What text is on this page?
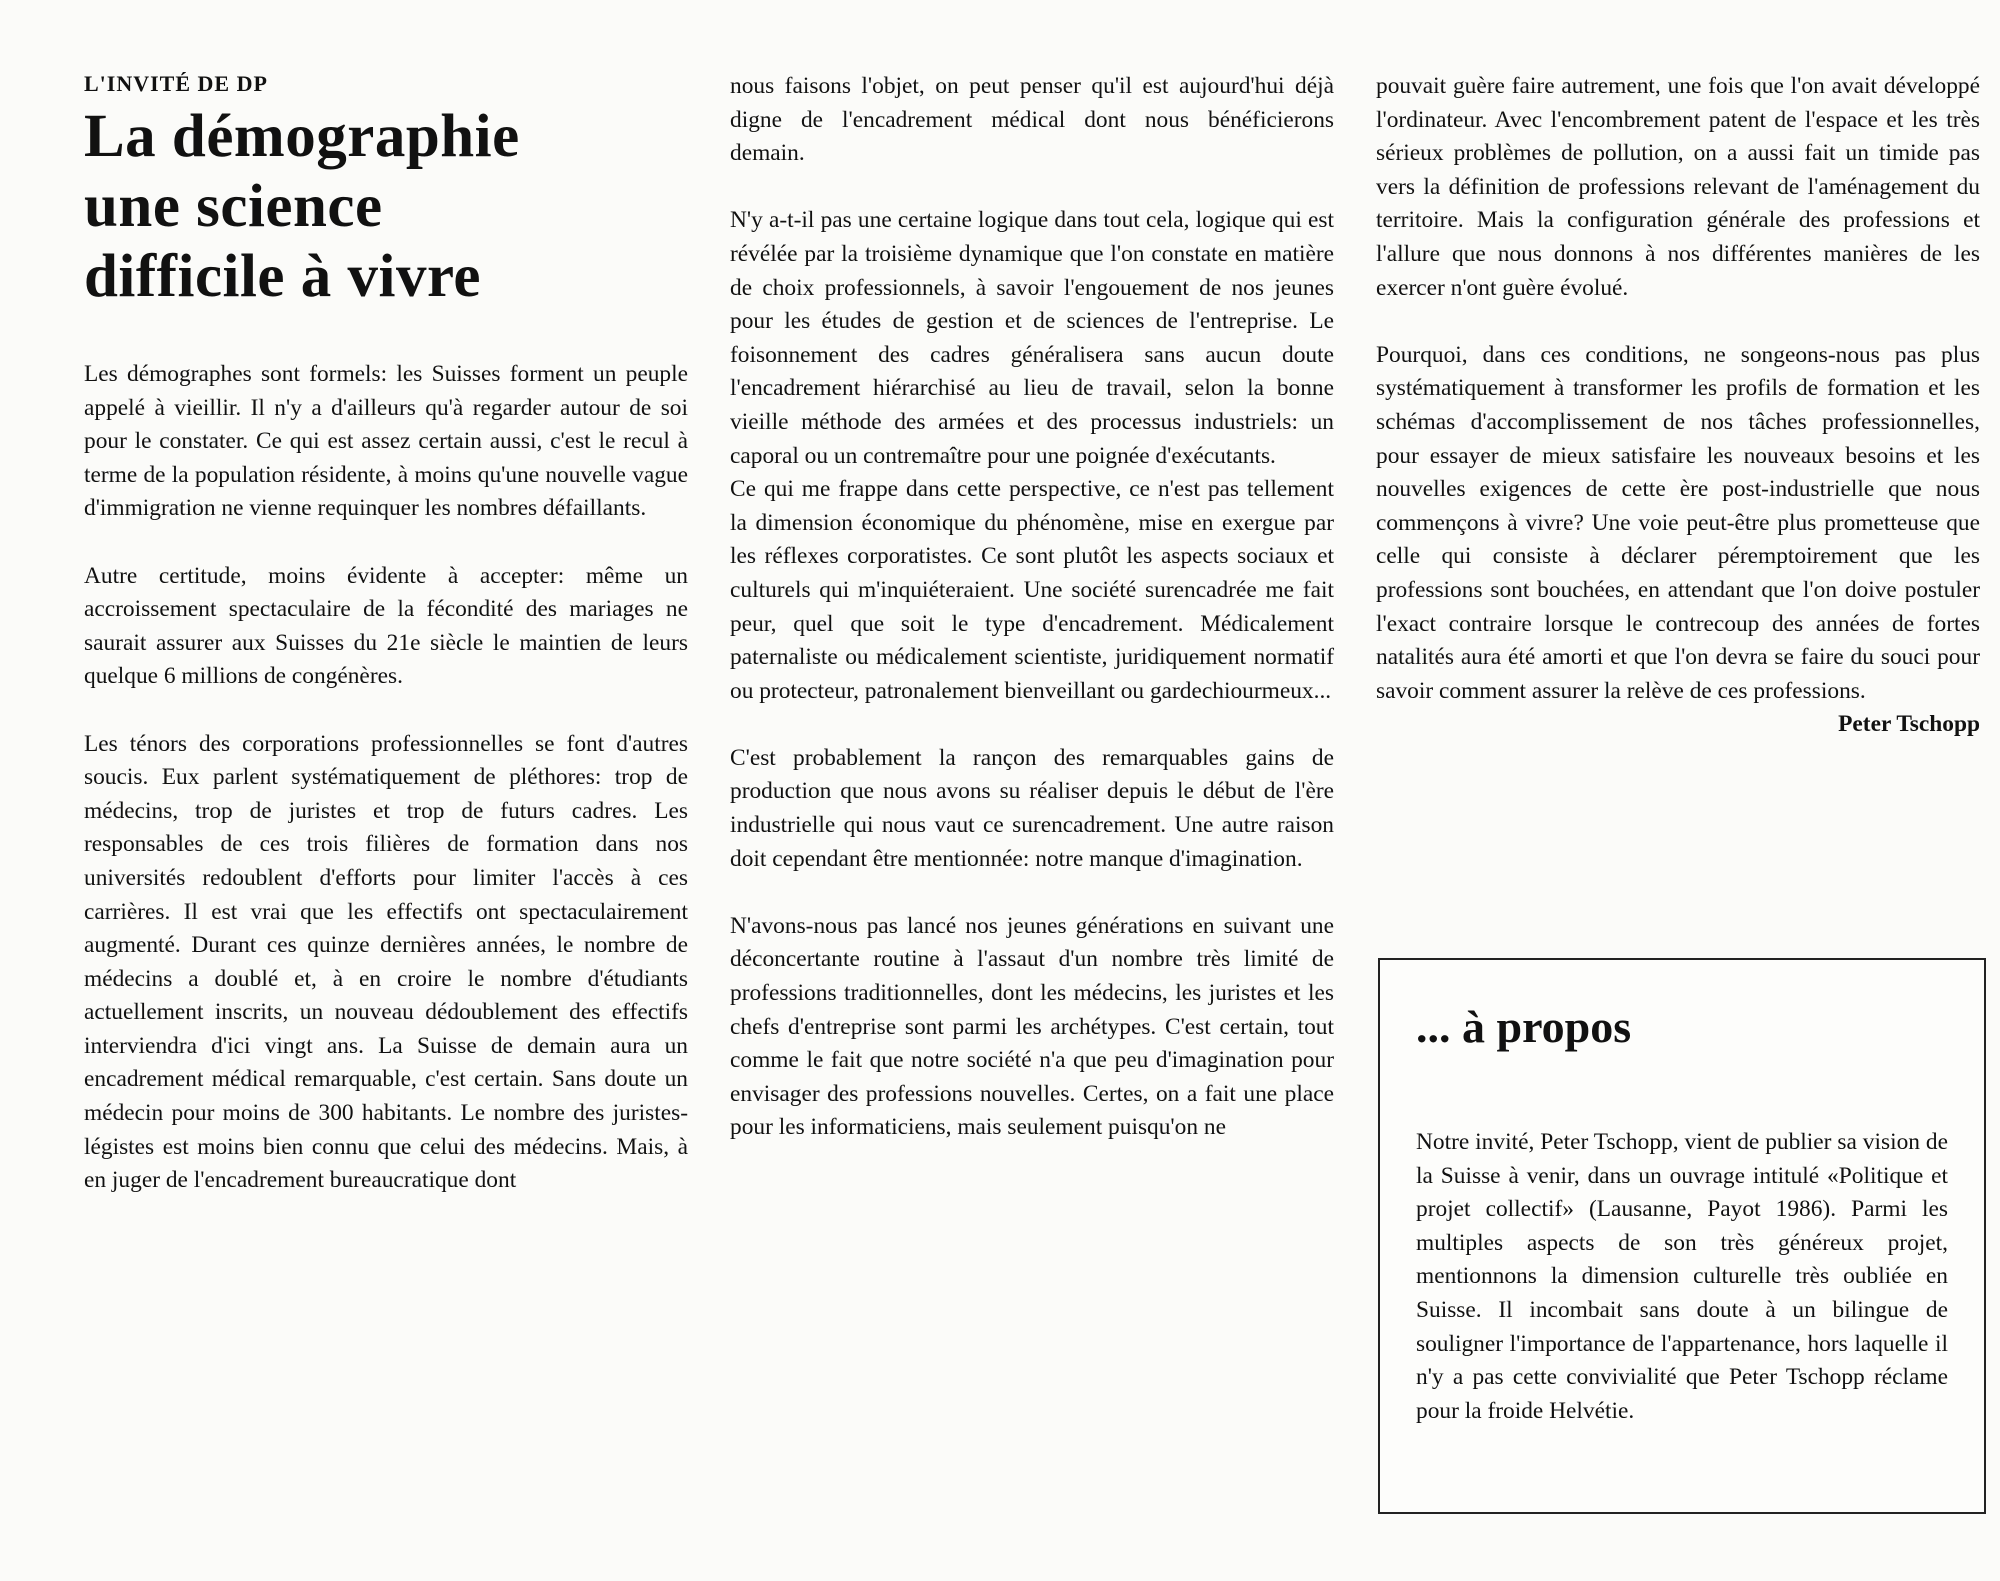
L'INVITÉ DE DP
La démographie
une science
difficile à vivre

Les démographes sont formels: les Suisses forment un peuple appelé à vieillir. Il n'y a d'ailleurs qu'à regarder autour de soi pour le constater. Ce qui est assez certain aussi, c'est le recul à terme de la population résidente, à moins qu'une nouvelle vague d'immigration ne vienne requinquer les nombres défaillants.

Autre certitude, moins évidente à accepter: même un accroissement spectaculaire de la fécondité des mariages ne saurait assurer aux Suisses du 21e siècle le maintien de leurs quelque 6 millions de congénères.

Les ténors des corporations professionnelles se font d'autres soucis. Eux parlent systématiquement de pléthores: trop de médecins, trop de juristes et trop de futurs cadres. Les responsables de ces trois filières de formation dans nos universités redoublent d'efforts pour limiter l'accès à ces carrières. Il est vrai que les effectifs ont spectaculairement augmenté. Durant ces quinze dernières années, le nombre de médecins a doublé et, à en croire le nombre d'étudiants actuellement inscrits, un nouveau dédoublement des effectifs interviendra d'ici vingt ans. La Suisse de demain aura un encadrement médical remarquable, c'est certain. Sans doute un médecin pour moins de 300 habitants. Le nombre des juristes-légistes est moins bien connu que celui des médecins. Mais, à en juger de l'encadrement bureaucratique dont

nous faisons l'objet, on peut penser qu'il est aujourd'hui déjà digne de l'encadrement médical dont nous bénéficierons demain.

N'y a-t-il pas une certaine logique dans tout cela, logique qui est révélée par la troisième dynamique que l'on constate en matière de choix professionnels, à savoir l'engouement de nos jeunes pour les études de gestion et de sciences de l'entreprise. Le foisonnement des cadres généralisera sans aucun doute l'encadrement hiérarchisé au lieu de travail, selon la bonne vieille méthode des armées et des processus industriels: un caporal ou un contremaître pour une poignée d'exécutants.

Ce qui me frappe dans cette perspective, ce n'est pas tellement la dimension économique du phénomène, mise en exergue par les réflexes corporatistes. Ce sont plutôt les aspects sociaux et culturels qui m'inquiéteraient. Une société surencadrée me fait peur, quel que soit le type d'encadrement. Médicalement paternaliste ou médicalement scientiste, juridiquement normatif ou protecteur, patronalement bienveillant ou gardechiourmeux...

C'est probablement la rançon des remarquables gains de production que nous avons su réaliser depuis le début de l'ère industrielle qui nous vaut ce surencadrement. Une autre raison doit cependant être mentionnée: notre manque d'imagination.

N'avons-nous pas lancé nos jeunes générations en suivant une déconcertante routine à l'assaut d'un nombre très limité de professions traditionnelles, dont les médecins, les juristes et les chefs d'entreprise sont parmi les archétypes. C'est certain, tout comme le fait que notre société n'a que peu d'imagination pour envisager des professions nouvelles. Certes, on a fait une place pour les informaticiens, mais seulement puisqu'on ne

pouvait guère faire autrement, une fois que l'on avait développé l'ordinateur. Avec l'encombrement patent de l'espace et les très sérieux problèmes de pollution, on a aussi fait un timide pas vers la définition de professions relevant de l'aménagement du territoire. Mais la configuration générale des professions et l'allure que nous donnons à nos différentes manières de les exercer n'ont guère évolué.

Pourquoi, dans ces conditions, ne songeons-nous pas plus systématiquement à transformer les profils de formation et les schémas d'accomplissement de nos tâches professionnelles, pour essayer de mieux satisfaire les nouveaux besoins et les nouvelles exigences de cette ère post-industrielle que nous commençons à vivre? Une voie peut-être plus prometteuse que celle qui consiste à déclarer péremptoirement que les professions sont bouchées, en attendant que l'on doive postuler l'exact contraire lorsque le contrecoup des années de fortes natalités aura été amorti et que l'on devra se faire du souci pour savoir comment assurer la relève de ces professions.

Peter Tschopp
... à propos
Notre invité, Peter Tschopp, vient de publier sa vision de la Suisse à venir, dans un ouvrage intitulé «Politique et projet collectif» (Lausanne, Payot 1986). Parmi les multiples aspects de son très généreux projet, mentionnons la dimension culturelle très oubliée en Suisse. Il incombait sans doute à un bilingue de souligner l'importance de l'appartenance, hors laquelle il n'y a pas cette convivialité que Peter Tschopp réclame pour la froide Helvétie.
